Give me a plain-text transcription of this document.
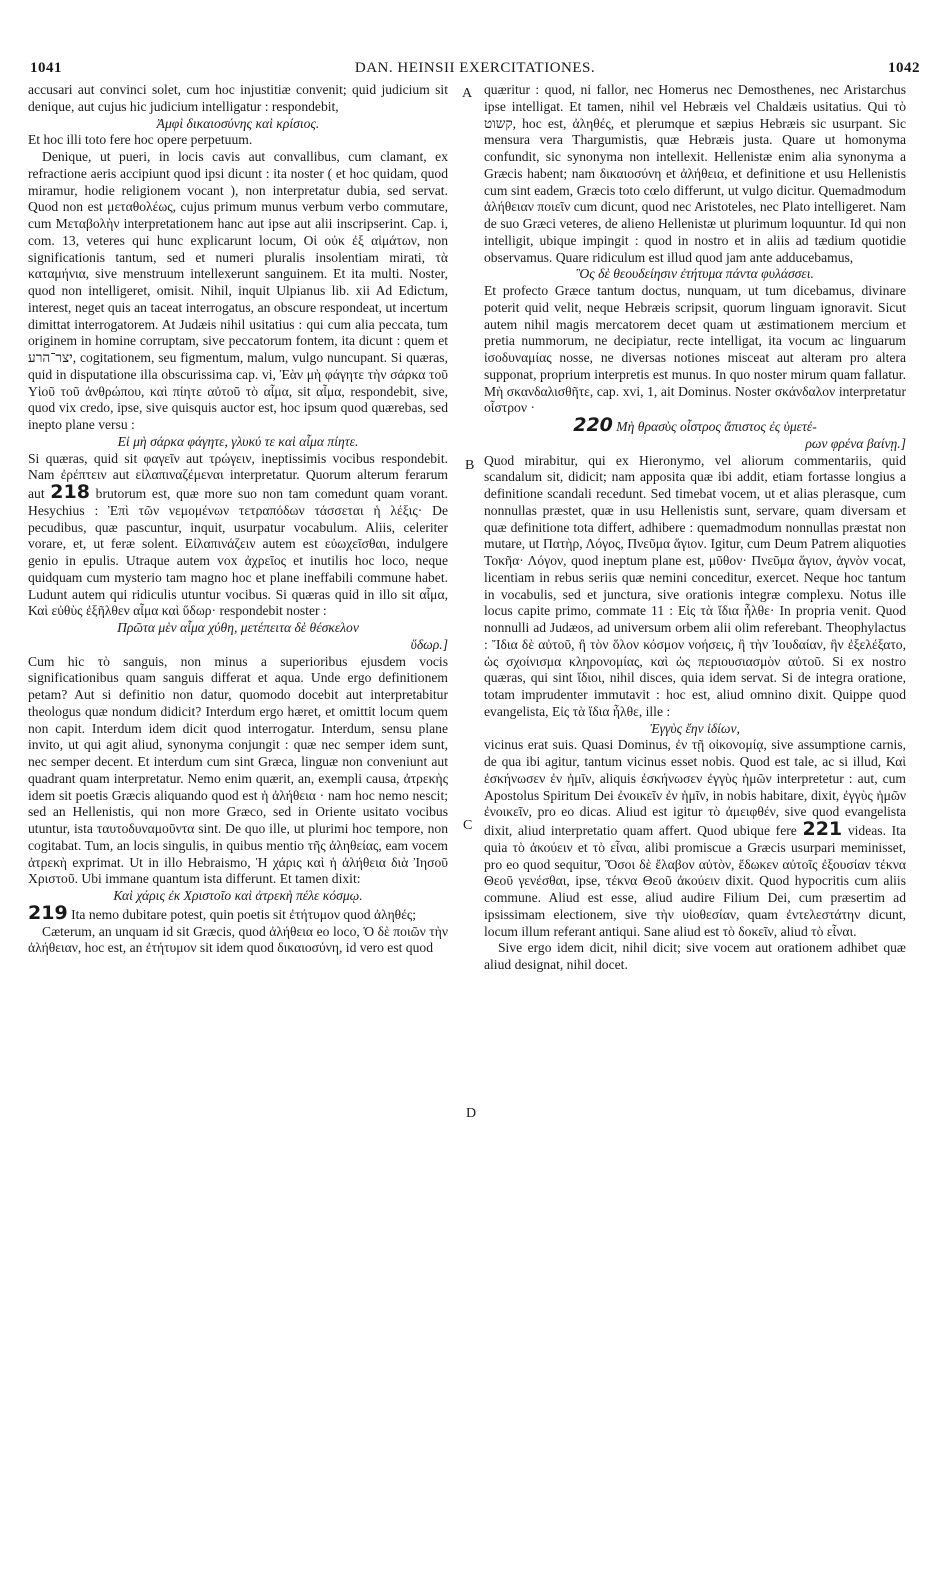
1041	DAN. HEINSII EXERCITATIONES.	1042
A
B
C
D

accusari aut convinci solet, cum hoc injustitiæ convenit; quid judicium sit denique, aut cujus hic judicium intelligatur : respondebit,

Ἀμφὶ δικαιοσύνης καὶ κρίσιος.

Et hoc illi toto fere hoc opere perpetuum.

Denique, ut pueri, in locis cavis aut convallibus, cum clamant, ex refractione aeris accipiunt quod ipsi dicunt : ita noster ( et hoc quidam, quod miramur, hodie religionem vocant ), non interpretatur dubia, sed servat. Quod non est μεταθολέως, cujus primum munus verbum verbo commutare, cum Μεταβολὴν interpretationem hanc aut ipse aut alii inscripserint. Cap. i, com. 13, veteres qui hunc explicarunt locum, Οἱ οὐκ ἐξ αἱμάτων, non significationis tantum, sed et numeri pluralis insolentiam mirati, τὰ καταμήνια, sive menstruum intellexerunt sanguinem. Et ita multi. Noster, quod non intelligeret, omisit. Nihil, inquit Ulpianus lib. xii Ad Edictum, interest, neget quis an taceat interrogatus, an obscure respondeat, ut incertum dimittat interrogatorem. At Judæis nihil usitatius : qui cum alia peccata, tum originem in homine corruptam, sive peccatorum fontem, ita dicunt : quem et יצר־הרע, cogitationem, seu figmentum, malum, vulgo nuncupant. Si quæras, quid in disputatione illa obscurissima cap. vi, Ἐὰν μὴ φάγητε τὴν σάρκα τοῦ Υἱοῦ τοῦ ἀνθρώπου, καὶ πίητε αὐτοῦ τὸ αἷμα, sit αἷμα, respondebit, sive, quod vix credo, ipse, sive quisquis auctor est, hoc ipsum quod quærebas, sed inepto plane versu :

Εἰ μὴ σάρκα φάγητε, γλυκύ τε καὶ αἷμα πίητε.

Si quæras, quid sit φαγεῖν aut τρώγειν, ineptissimis vocibus respondebit. Nam ἐρέπτειν aut εἰλαπιναζέμεναι interpretatur. Quorum alterum ferarum aut 218 brutorum est, quæ more suo non tam comedunt quam vorant. Hesychius : Ἐπὶ τῶν νεμομένων τετραπόδων τάσσεται ἡ λέξις· De pecudibus, quæ pascuntur, inquit, usurpatur vocabulum. Aliis, celeriter vorare, et, ut feræ solent. Εἰλαπινάζειν autem est εὐωχεῖσθαι, indulgere genio in epulis. Utraque autem vox ἀχρεῖος et inutilis hoc loco, neque quidquam cum mysterio tam magno hoc et plane ineffabili commune habet. Ludunt autem qui ridiculis utuntur vocibus. Si quæras quid in illo sit αἷμα, Καὶ εὐθὺς ἐξῆλθεν αἷμα καὶ ὕδωρ· respondebit noster :

Πρῶτα μὲν αἷμα χύθη, μετέπειτα δὲ θέσκελον

ὕδωρ.]

Cum hic τὸ sanguis, non minus a superioribus ejusdem vocis significationibus quam sanguis differat et aqua. Unde ergo definitionem petam? Aut si definitio non datur, quomodo docebit aut interpretabitur theologus quæ nondum didicit? Interdum ergo hæret, et omittit locum quem non capit. Interdum idem dicit quod interrogatur. Interdum, sensu plane invito, ut qui agit aliud, synonyma conjungit : quæ nec semper idem sunt, nec semper decent. Et interdum cum sint Græca, linguæ non conveniunt aut quadrant quam interpretatur. Nemo enim quærit, an, exempli causa, ἀτρεκὴς idem sit poetis Græcis aliquando quod est ἡ ἀλήθεια · nam hoc nemo nescit; sed an Hellenistis, qui non more Græco, sed in Oriente usitato vocibus utuntur, ista ταυτοδυναμοῦντα sint. De quo ille, ut plurimi hoc tempore, non cogitabat. Tum, an locis singulis, in quibus mentio τῆς ἀληθείας, eam vocem ἀτρεκὴ exprimat. Ut in illo Hebraismo, Ἡ χάρις καὶ ἡ ἀλήθεια διὰ Ἰησοῦ Χριστοῦ. Ubi immane quantum ista differunt. Et tamen dixit:

Καὶ χάρις ἐκ Χριστοῖο καὶ ἀτρεκὴ πέλε κόσμῳ.

219 Ita nemo dubitare potest, quin poetis sit ἐτήτυμον quod ἀληθές;

Cæterum, an unquam id sit Græcis, quod ἀλήθεια eo loco, Ὁ δὲ ποιῶν τὴν ἀλήθειαν, hoc est, an ἐτήτυμον sit idem quod δικαιοσύνη, id vero est quod

quæritur : quod, ni fallor, nec Homerus nec Demosthenes, nec Aristarchus ipse intelligat. Et tamen, nihil vel Hebræis vel Chaldæis usitatius. Qui τὸ קשוט, hoc est, ἀληθές, et plerumque et sæpius Hebræis sic usurpant. Sic mensura vera Thargumistis, quæ Hebræis justa. Quare ut homonyma confundit, sic synonyma non intellexit. Hellenistæ enim alia synonyma a Græcis habent; nam δικαιοσύνη et ἀλήθεια, et definitione et usu Hellenistis cum sint eadem, Græcis toto cœlo differunt, ut vulgo dicitur. Quemadmodum ἀλήθειαν ποιεῖν cum dicunt, quod nec Aristoteles, nec Plato intelligeret. Nam de suo Græci veteres, de alieno Hellenistæ ut plurimum loquuntur. Id qui non intelligit, ubique impingit : quod in nostro et in aliis ad tædium quotidie observamus. Quare ridiculum est illud quod jam ante adducebamus,

Ὃς δὲ θεουδείησιν ἐτήτυμα πάντα φυλάσσει.

Et profecto Græce tantum doctus, nunquam, ut tum dicebamus, divinare poterit quid velit, neque Hebræis scripsit, quorum linguam ignoravit. Sicut autem nihil magis mercatorem decet quam ut æstimationem mercium et pretia nummorum, ne decipiatur, recte intelligat, ita vocum ac linguarum ἰσοδυναμίας nosse, ne diversas notiones misceat aut alteram pro altera supponat, proprium interpretis est munus. In quo noster mirum quam fallatur. Μὴ σκανδαλισθῆτε, cap. xvi, 1, ait Dominus. Noster σκάνδαλον interpretatur οἶστρον ·

220 Μὴ θρασὺς οἶστρος ἄπιστος ἐς ὑμετέ-

ρων φρένα βαίνῃ.]

Quod mirabitur, qui ex Hieronymo, vel aliorum commentariis, quid scandalum sit, didicit; nam apposita quæ ibi addit, etiam fortasse longius a definitione scandali recedunt. Sed timebat vocem, ut et alias plerasque, cum nonnullas præstet, quæ in usu Hellenistis sunt, servare, quam diversam et quæ definitione tota differt, adhibere : quemadmodum nonnullas præstat non mutare, ut Πατὴρ, Λόγος, Πνεῦμα ἅγιον. Igitur, cum Deum Patrem aliquoties Τοκῆα· Λόγον, quod ineptum plane est, μῦθον· Πνεῦμα ἅγιον, ἁγνὸν vocat, licentiam in rebus seriis quæ nemini conceditur, exercet. Neque hoc tantum in vocabulis, sed et junctura, sive orationis integræ complexu. Notus ille locus capite primo, commate 11 : Εἰς τὰ ἴδια ἦλθε· In propria venit. Quod nonnulli ad Judæos, ad universum orbem alii olim referebant. Theophylactus : Ἴδια δὲ αὐτοῦ, ἢ τὸν ὅλον κόσμον νοήσεις, ἢ τὴν Ἰουδαίαν, ἣν ἐξελέξατο, ὡς σχοίνισμα κληρονομίας, καὶ ὡς περιουσιασμὸν αὐτοῦ. Si ex nostro quæras, qui sint ἴδιοι, nihil disces, quia idem servat. Si de integra oratione, totam imprudenter immutavit : hoc est, aliud omnino dixit. Quippe quod evangelista, Εἰς τὰ ἴδια ἦλθε, ille :

Ἐγγὺς ἔην ἰδίων,

vicinus erat suis. Quasi Dominus, ἐν τῇ οἰκονομίᾳ, sive assumptione carnis, de qua ibi agitur, tantum vicinus esset nobis. Quod est tale, ac si illud, Καὶ ἐσκήνωσεν ἐν ἡμῖν, aliquis ἐσκήνωσεν ἐγγὺς ἡμῶν interpretetur : aut, cum Apostolus Spiritum Dei ἐνοικεῖν ἐν ἡμῖν, in nobis habitare, dixit, ἐγγὺς ἡμῶν ἐνοικεῖν, pro eo dicas. Aliud est igitur τὸ ἀμειφθέν, sive quod evangelista dixit, aliud interpretatio quam affert. Quod ubique fere 221 videas. Ita quia τὸ ἀκούειν et τὸ εἶναι, alibi promiscue a Græcis usurpari meminisset, pro eo quod sequitur, Ὅσοι δὲ ἔλαβον αὐτὸν, ἔδωκεν αὐτοῖς ἐξουσίαν τέκνα Θεοῦ γενέσθαι, ipse, τέκνα Θεοῦ ἀκούειν dixit. Quod hypocritis cum aliis commune. Aliud est esse, aliud audire Filium Dei, cum præsertim ad ipsissimam electionem, sive τὴν υἱοθεσίαν, quam ἐντελεστάτην dicunt, locum illum referant antiqui. Sane aliud est τὸ δοκεῖν, aliud τὸ εἶναι.

Sive ergo idem dicit, nihil dicit; sive vocem aut orationem adhibet quæ aliud designat, nihil docet.
